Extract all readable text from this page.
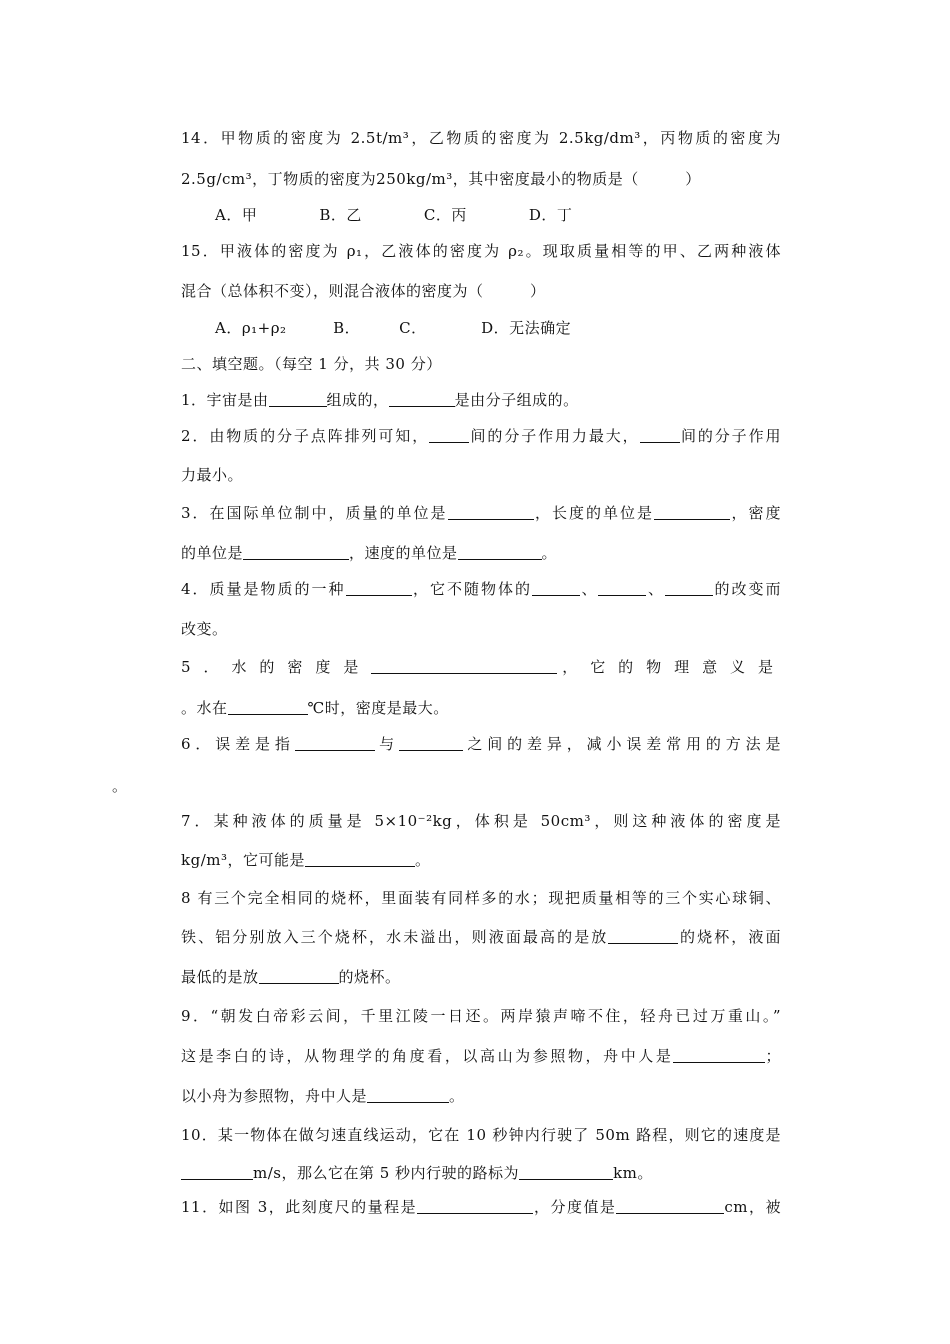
14．甲物质的密度为 2.5t/m³，乙物质的密度为 2.5kg/dm³，丙物质的密度为
2.5g/cm³，丁物质的密度为250kg/m³，其中密度最小的物质是（　　　）
A．甲　　　　B．乙　　　　C．丙　　　　D．丁
15．甲液体的密度为 ρ₁，乙液体的密度为 ρ₂。现取质量相等的甲、乙两种液体
混合（总体积不变），则混合液体的密度为（　　　）
A．ρ₁+ρ₂　　　B．　　　C．　　　　D．无法确定
二、填空题。（每空 1 分，共 30 分）
1．宇宙是由	组成的，	是由分子组成的。
2．由物质的分子点阵排列可知，	间的分子作用力最大，	间的分子作用
力最小。
3．在国际单位制中，质量的单位是	，长度的单位是	，密度
的单位是	，速度的单位是	。
4．质量是物质的一种	，它不随物体的	、	、	的改变而
改变。
5．水的密度是	，它的物理意义是
。水在	℃时，密度是最大。
6．误差是指	与	之间的差异，减小误差常用的方法是
。
7．某种液体的质量是 5×10⁻²kg，体积是 50cm³，则这种液体的密度是
kg/m³，它可能是	。
8 有三个完全相同的烧杯，里面装有同样多的水；现把质量相等的三个实心球铜、
铁、铝分别放入三个烧杯，水未溢出，则液面最高的是放	的烧杯，液面
最低的是放	的烧杯。
9．“朝发白帝彩云间，千里江陵一日还。两岸猿声啼不住，轻舟已过万重山。”
这是李白的诗，从物理学的角度看，以高山为参照物，舟中人是	；
以小舟为参照物，舟中人是	。
10．某一物体在做匀速直线运动，它在 10 秒钟内行驶了 50m 路程，则它的速度是
m/s，那么它在第 5 秒内行驶的路标为	km。
11．如图 3，此刻度尺的量程是	，分度值是	cm，被
